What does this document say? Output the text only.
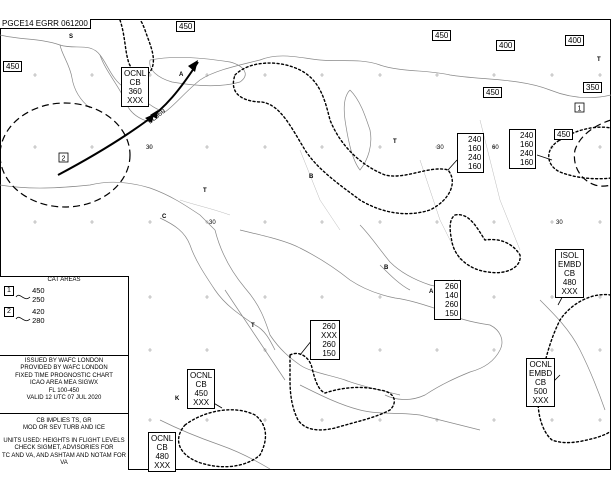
1
2
FL360
PGCE14 EGRR 061200
450
450
450
400
400
450
350
450
OCNL
CB
360
XXX
ISOL
EMBD
CB
480
XXX
OCNL
EMBD
CB
500
XXX
OCNL
CB
450
XXX
OCNL
CB
480
XXX
240
160
240
160
240
160
240
160
260
140
260
150
260
XXX
260
150
30	30	60
30	30
S
A
T
B
T
T
C
B
A
K
T
CAT AREAS
1	450
250
2	420
280
ISSUED BY WAFC LONDON
PROVIDED BY WAFC LONDON
FIXED TIME PROGNOSTIC CHART
ICAO AREA MEA SIGWX
FL 100-450
VALID 12 UTC 07 JUL 2020
CB IMPLIES TS, GR
MOD OR SEV TURB AND ICE
UNITS USED: HEIGHTS IN FLIGHT LEVELS
CHECK SIGMET, ADVISORIES FOR
TC AND VA, AND ASHTAM AND NOTAM FOR VA
